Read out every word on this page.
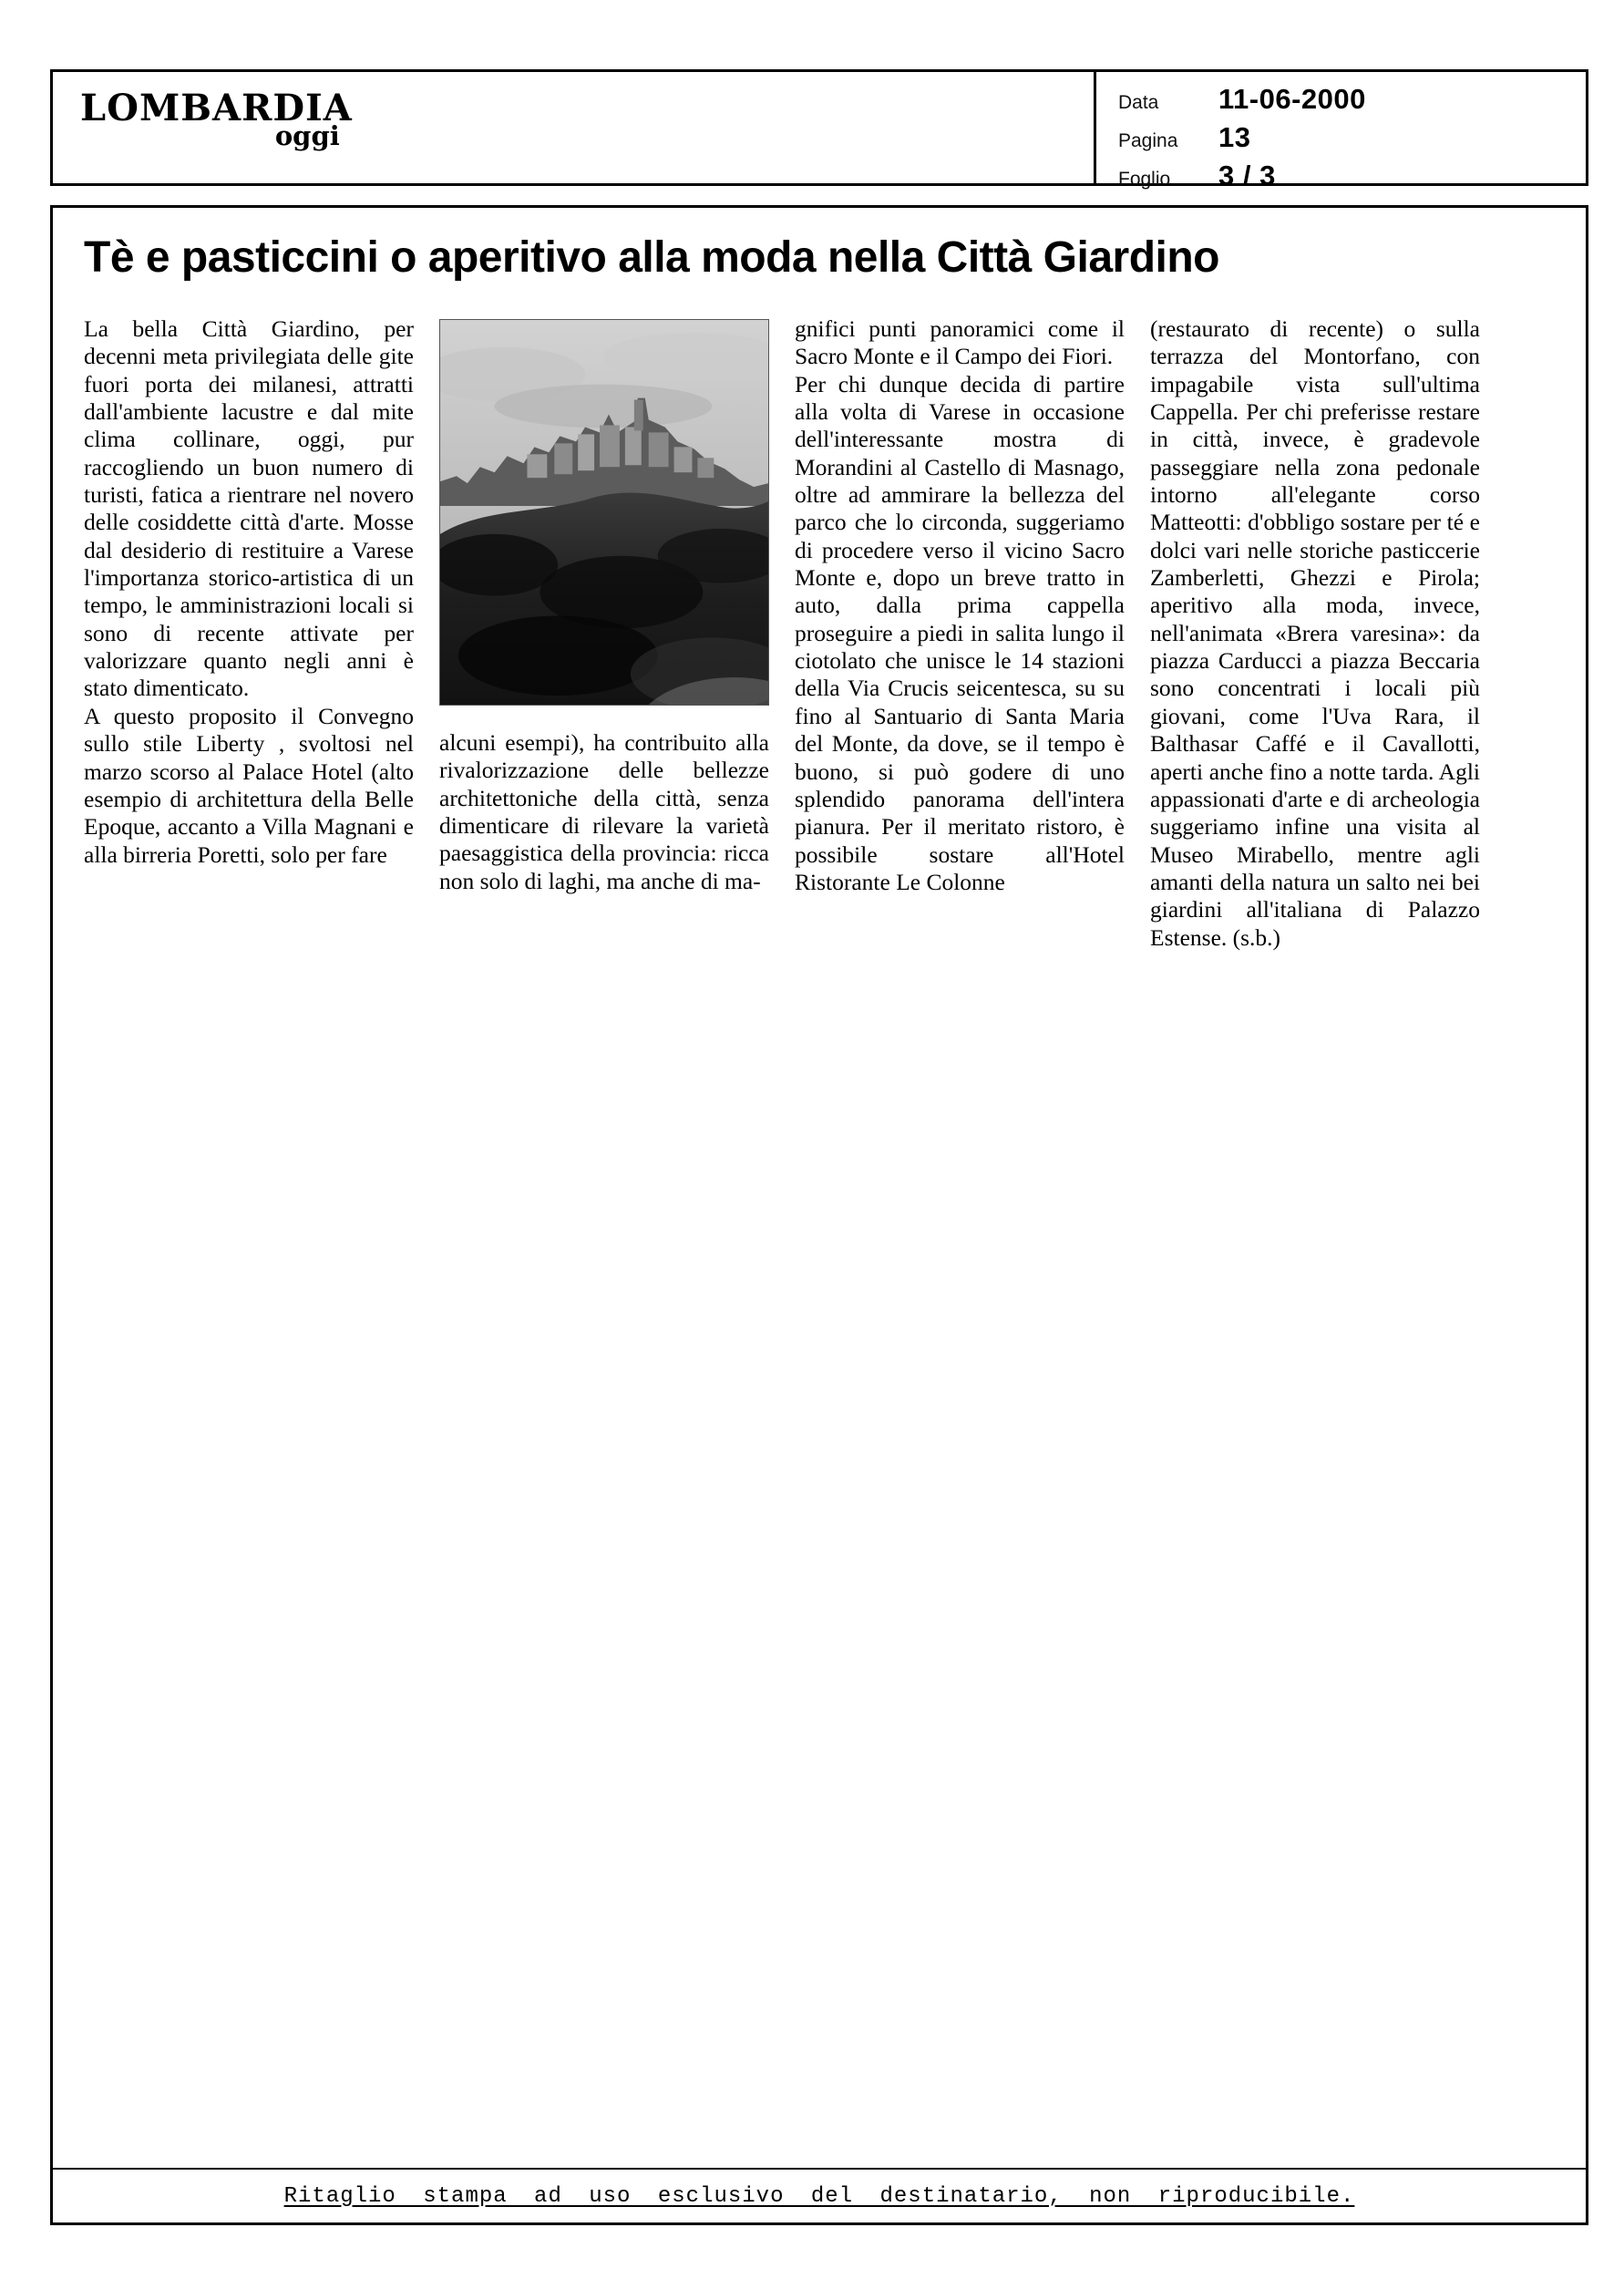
LOMBARDIA
oggi
Data	11-06-2000
Pagina	13
Foglio	3 / 3
Tè e pasticcini o aperitivo alla moda nella Città Giardino

La bella Città Giardino, per decenni meta privilegiata delle gite fuori porta dei milanesi, attratti dall'ambiente lacustre e dal mite clima collinare, oggi, pur raccogliendo un buon numero di turisti, fatica a rientrare nel novero delle cosiddette città d'arte. Mosse dal desiderio di restituire a Varese l'importanza storico-artistica di un tempo, le amministrazioni locali si sono di recente attivate per valorizzare quanto negli anni è stato dimenticato.

A questo proposito il Convegno sullo stile Liberty , svoltosi nel marzo scorso al Palace Hotel (alto esempio di architettura della Belle Epoque, accanto a Villa Magnani e alla birreria Poretti, solo per fare

alcuni esempi), ha contribuito alla rivalorizzazione delle bellezze architettoniche della città, senza dimenticare di rilevare la varietà paesaggistica della provincia: ricca non solo di laghi, ma anche di ma-

gnifici punti panoramici come il Sacro Monte e il Campo dei Fiori.

Per chi dunque decida di partire alla volta di Varese in occasione dell'interessante mostra di Morandini al Castello di Masnago, oltre ad ammirare la bellezza del parco che lo circonda, suggeriamo di procedere verso il vicino Sacro Monte e, dopo un breve tratto in auto, dalla prima cappella proseguire a piedi in salita lungo il ciotolato che unisce le 14 stazioni della Via Crucis seicentesca, su su fino al Santuario di Santa Maria del Monte, da dove, se il tempo è buono, si può godere di uno splendido panorama dell'intera pianura. Per il meritato ristoro, è possibile sostare all'Hotel Ristorante Le Colonne

(restaurato di recente) o sulla terrazza del Montorfano, con impagabile vista sull'ultima Cappella. Per chi preferisse restare in città, invece, è gradevole passeggiare nella zona pedonale intorno all'elegante corso Matteotti: d'obbligo sostare per té e dolci vari nelle storiche pasticcerie Zamberletti, Ghezzi e Pirola; aperitivo alla moda, invece, nell'animata «Brera varesina»: da piazza Carducci a piazza Beccaria sono concentrati i locali più giovani, come l'Uva Rara, il Balthasar Caffé e il Cavallotti, aperti anche fino a notte tarda. Agli appassionati d'arte e di archeologia suggeriamo infine una visita al Museo Mirabello, mentre agli amanti della natura un salto nei bei giardini all'italiana di Palazzo Estense. (s.b.)

Ritaglio stampa ad uso esclusivo del destinatario, non riproducibile.
